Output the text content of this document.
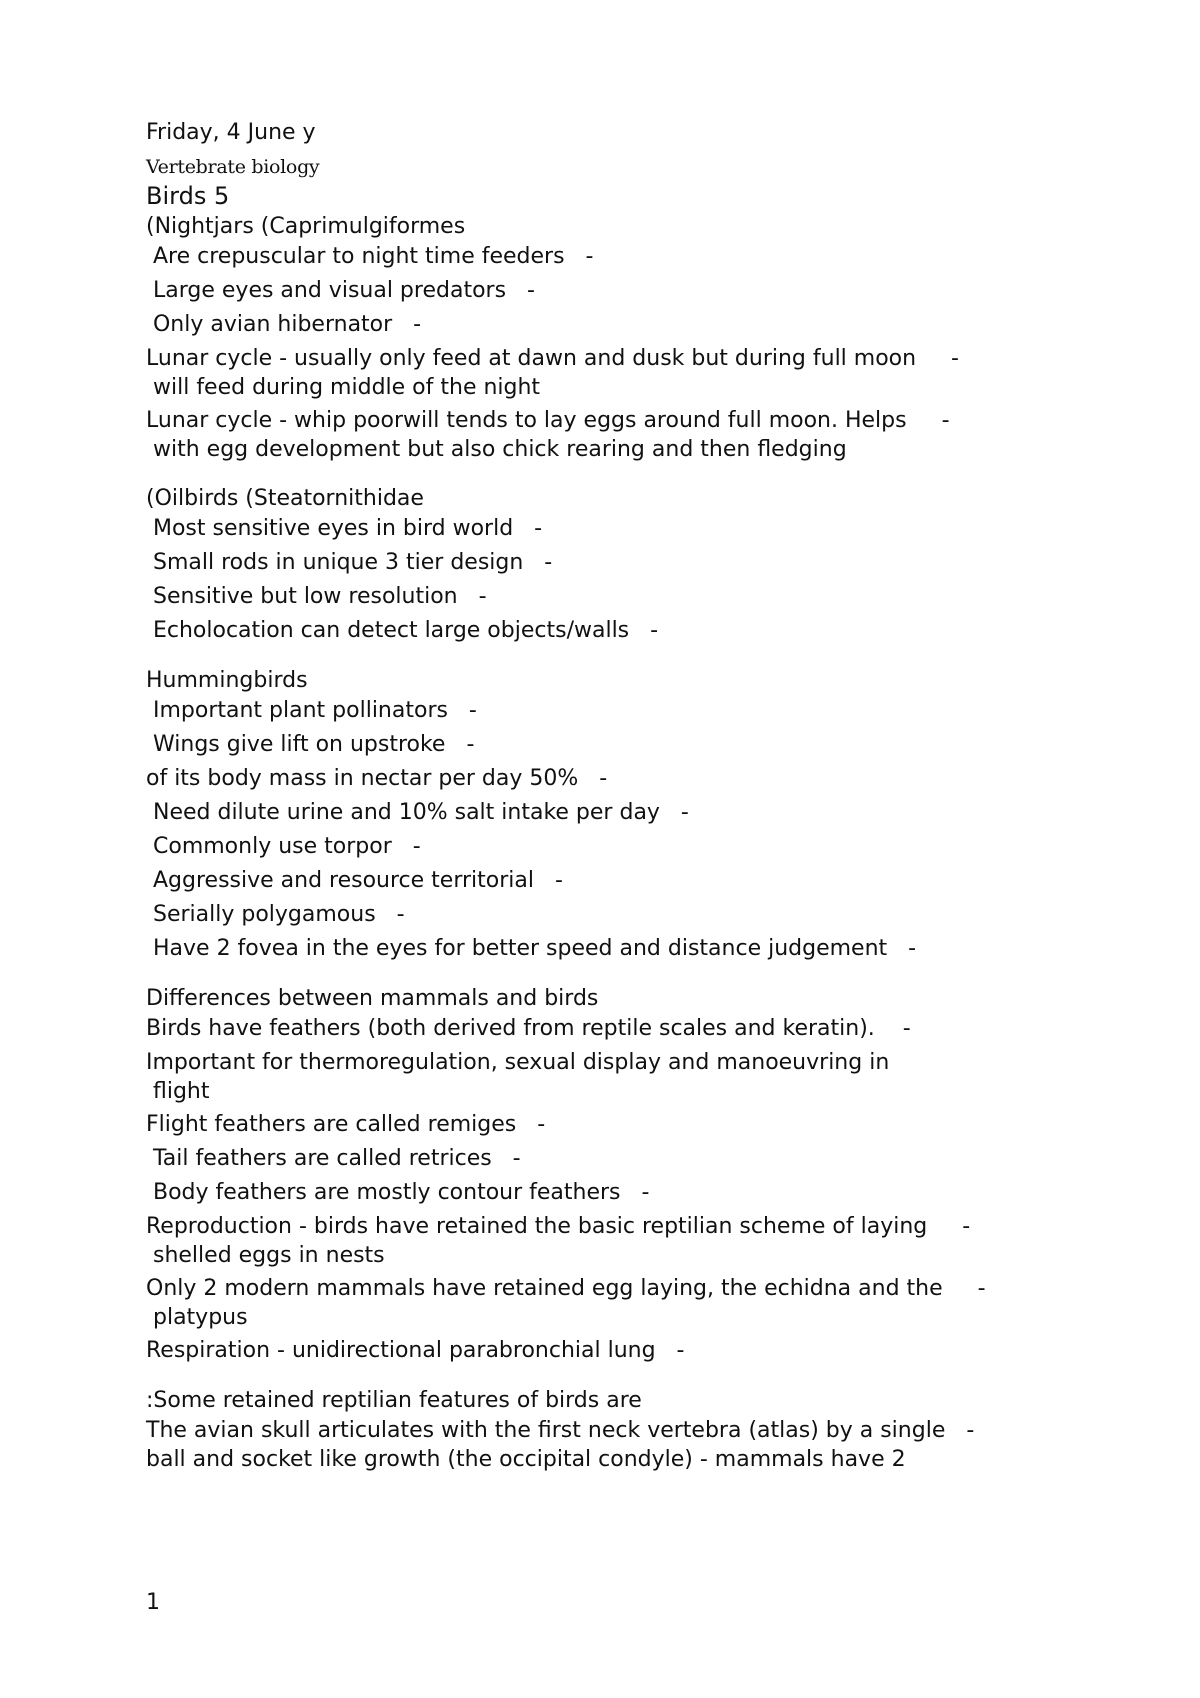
Friday, 4 June y
Vertebrate biology
Birds 5
(Nightjars (Caprimulgiformes
Are crepuscular to night time feeders   -
Large eyes and visual predators   -
Only avian hibernator   -
Lunar cycle - usually only feed at dawn and dusk but during full moon     -
will feed during middle of the night
Lunar cycle - whip poorwill tends to lay eggs around full moon. Helps     -
with egg development but also chick rearing and then fledging
(Oilbirds (Steatornithidae
Most sensitive eyes in bird world   -
Small rods in unique 3 tier design   -
Sensitive but low resolution   -
Echolocation can detect large objects/walls   -
Hummingbirds
Important plant pollinators   -
Wings give lift on upstroke   -
of its body mass in nectar per day 50%   -
Need dilute urine and 10% salt intake per day   -
Commonly use torpor   -
Aggressive and resource territorial   -
Serially polygamous   -
Have 2 fovea in the eyes for better speed and distance judgement   -
Differences between mammals and birds
Birds have feathers (both derived from reptile scales and keratin).    -
Important for thermoregulation, sexual display and manoeuvring in
flight
Flight feathers are called remiges   -
Tail feathers are called retrices   -
Body feathers are mostly contour feathers   -
Reproduction - birds have retained the basic reptilian scheme of laying     -
shelled eggs in nests
Only 2 modern mammals have retained egg laying, the echidna and the     -
platypus
Respiration - unidirectional parabronchial lung   -
:Some retained reptilian features of birds are
The avian skull articulates with the first neck vertebra (atlas) by a single   -
ball and socket like growth (the occipital condyle) - mammals have 2
1
